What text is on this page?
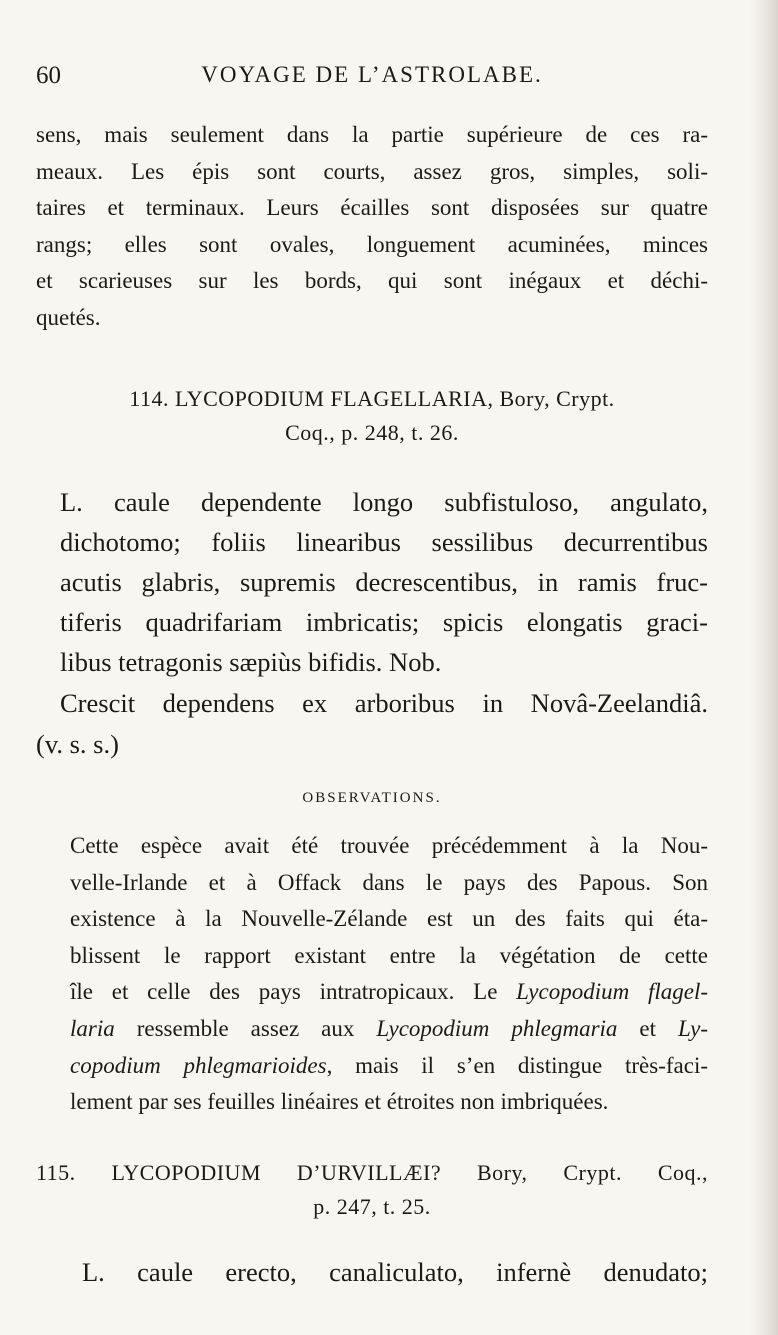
60	VOYAGE DE L’ASTROLABE.
sens, mais seulement dans la partie supérieure de ces ra-
meaux. Les épis sont courts, assez gros, simples, soli-
taires et terminaux. Leurs écailles sont disposées sur quatre
rangs; elles sont ovales, longuement acuminées, minces
et scarieuses sur les bords, qui sont inégaux et déchi-
quetés.
114. LYCOPODIUM FLAGELLARIA, Bory, Crypt.
Coq., p. 248, t. 26.
L. caule dependente longo subfistuloso, angulato,
dichotomo; foliis linearibus sessilibus decurrentibus
acutis glabris, supremis decrescentibus, in ramis fruc-
tiferis quadrifariam imbricatis; spicis elongatis graci-
libus tetragonis sæpiùs bifidis. Nob.
Crescit dependens ex arboribus in Novâ-Zeelandiâ.
(v. s. s.)
OBSERVATIONS.
Cette espèce avait été trouvée précédemment à la Nou-
velle-Irlande et à Offack dans le pays des Papous. Son
existence à la Nouvelle-Zélande est un des faits qui éta-
blissent le rapport existant entre la végétation de cette
île et celle des pays intratropicaux. Le Lycopodium flagel-
laria ressemble assez aux Lycopodium phlegmaria et Ly-
copodium phlegmarioides, mais il s’en distingue très-faci-
lement par ses feuilles linéaires et étroites non imbriquées.
115. LYCOPODIUM D’URVILLÆI? Bory, Crypt. Coq.,
p. 247, t. 25.
L. caule erecto, canaliculato, infernè denudato;
